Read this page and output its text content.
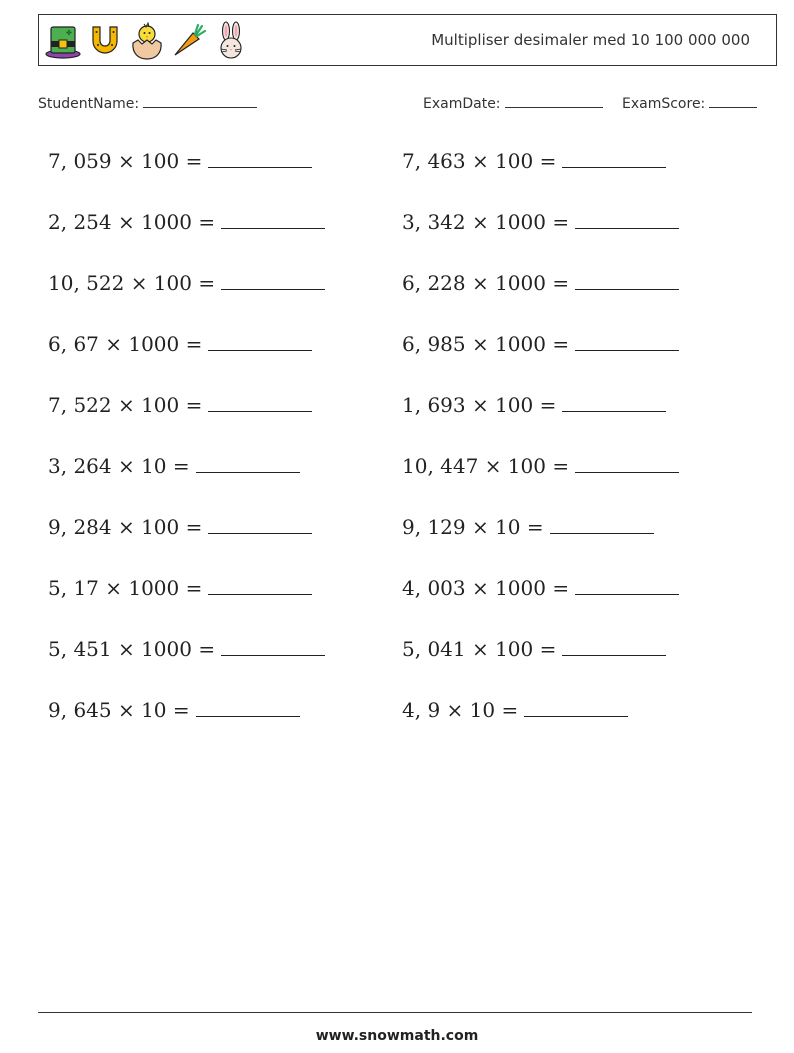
✤	Multipliser desimaler med 10 100 000 000
StudentName:	ExamDate:	ExamScore:
7, 059 × 100 =
2, 254 × 1000 =
10, 522 × 100 =
6, 67 × 1000 =
7, 522 × 100 =
3, 264 × 10 =
9, 284 × 100 =
5, 17 × 1000 =
5, 451 × 1000 =
9, 645 × 10 =
7, 463 × 100 =
3, 342 × 1000 =
6, 228 × 1000 =
6, 985 × 1000 =
1, 693 × 100 =
10, 447 × 100 =
9, 129 × 10 =
4, 003 × 1000 =
5, 041 × 100 =
4, 9 × 10 =
www.snowmath.com
